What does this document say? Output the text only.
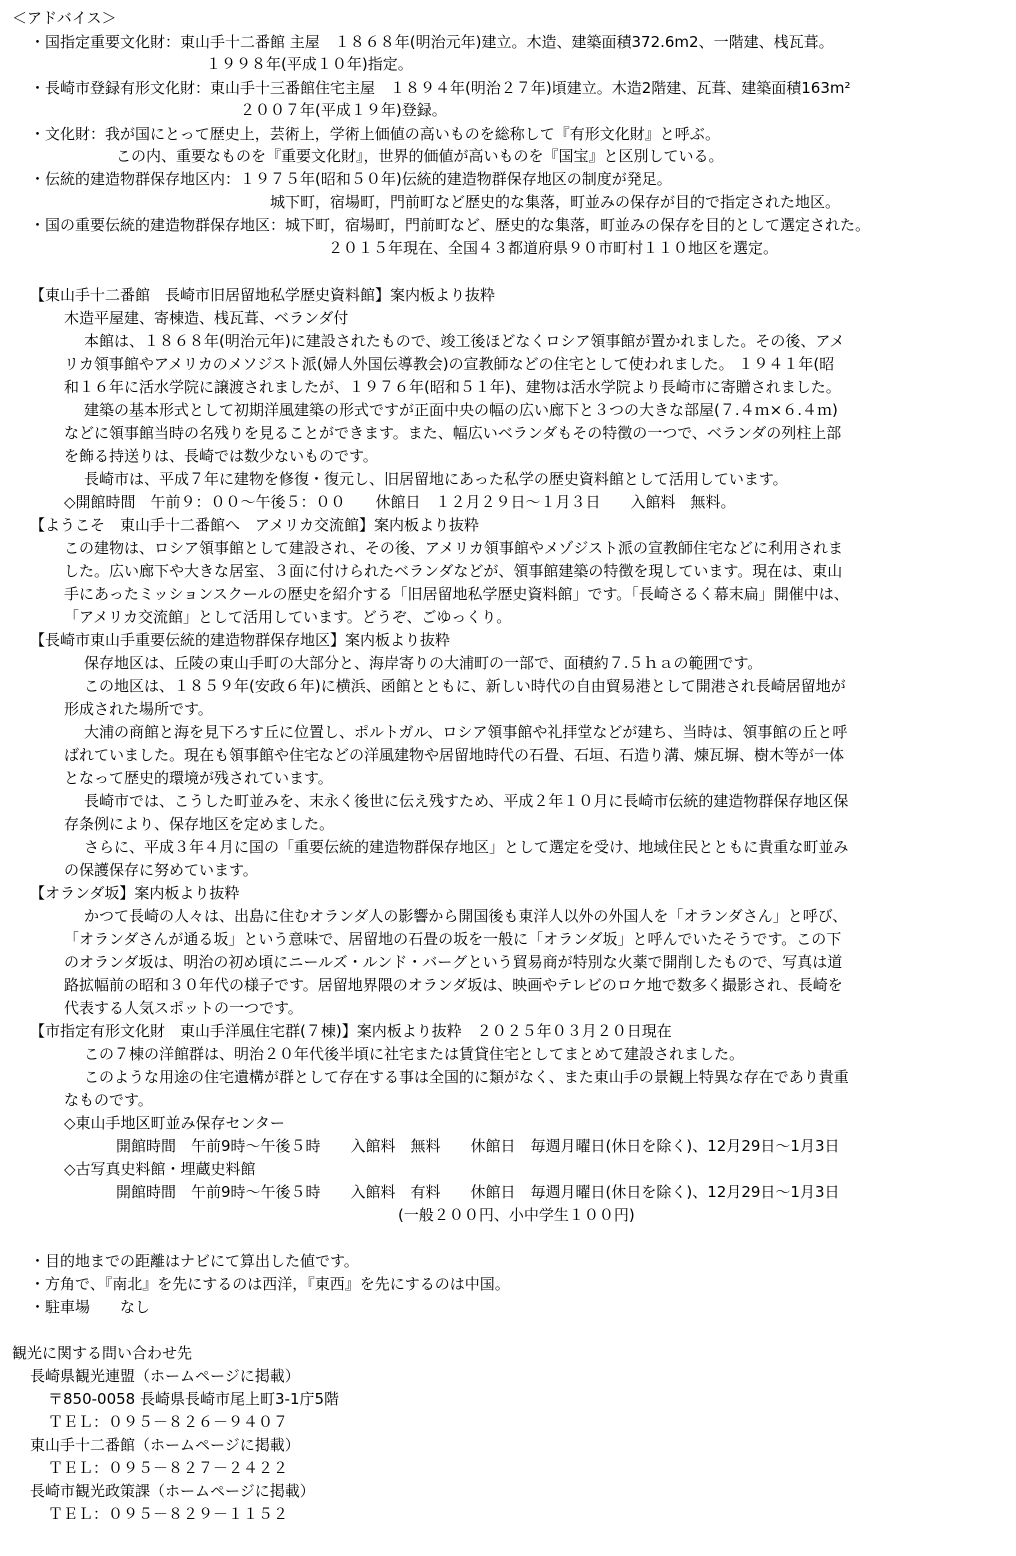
＜アドバイス＞
・国指定重要文化財：東山手十二番館 主屋　１８６８年(明治元年)建立。木造、建築面積372.6m2、一階建、桟瓦葺。
１９９８年(平成１０年)指定。
・長崎市登録有形文化財：東山手十三番館住宅主屋　１８９４年(明治２７年)頃建立。木造2階建、瓦葺、建築面積163m²
２００７年(平成１９年)登録。
・文化財：我が国にとって歴史上，芸術上，学術上価値の高いものを総称して『有形文化財』と呼ぶ。
この内、重要なものを『重要文化財』，世界的価値が高いものを『国宝』と区別している。
・伝統的建造物群保存地区内：１９７５年(昭和５０年)伝統的建造物群保存地区の制度が発足。
城下町，宿場町，門前町など歴史的な集落，町並みの保存が目的で指定された地区。
・国の重要伝統的建造物群保存地区：城下町，宿場町，門前町など、歴史的な集落，町並みの保存を目的として選定された。
２０１５年現在、全国４３都道府県９０市町村１１０地区を選定。
【東山手十二番館　長崎市旧居留地私学歴史資料館】案内板より抜粋
木造平屋建、寄棟造、桟瓦葺、ベランダ付
本館は、１８６８年(明治元年)に建設されたもので、竣工後ほどなくロシア領事館が置かれました。その後、アメ
リカ領事館やアメリカのメソジスト派(婦人外国伝導教会)の宣教師などの住宅として使われました。 １９４１年(昭
和１６年に活水学院に譲渡されましたが、１９７６年(昭和５１年)、建物は活水学院より長崎市に寄贈されました。
建築の基本形式として初期洋風建築の形式ですが正面中央の幅の広い廊下と３つの大きな部屋(７.４ｍ×６.４ｍ)
などに領事館当時の名残りを見ることができます。また、幅広いベランダもその特徴の一つで、ベランダの列柱上部
を飾る持送りは、長崎では数少ないものです。
長崎市は、平成７年に建物を修復・復元し、旧居留地にあった私学の歴史資料館として活用しています。
◇開館時間　午前９：００～午後５：００　　休館日　１２月２９日～１月３日　　入館料　無料。
【ようこそ　東山手十二番館へ　アメリカ交流館】案内板より抜粋
この建物は、ロシア領事館として建設され、その後、アメリカ領事館やメゾジスト派の宣教師住宅などに利用されま
した。広い廊下や大きな居室、３面に付けられたベランダなどが、領事館建築の特徴を現しています。現在は、東山
手にあったミッションスクールの歴史を紹介する「旧居留地私学歴史資料館」です。「長崎さるく幕末扁」開催中は、
「アメリカ交流館」として活用しています。どうぞ、ごゆっくり。
【長崎市東山手重要伝統的建造物群保存地区】案内板より抜粋
保存地区は、丘陵の東山手町の大部分と、海岸寄りの大浦町の一部で、面積約７.５ｈａの範囲です。
この地区は、１８５９年(安政６年)に横浜、函館とともに、新しい時代の自由貿易港として開港され長崎居留地が
形成された場所です。
大浦の商館と海を見下ろす丘に位置し、ポルトガル、ロシア領事館や礼拝堂などが建ち、当時は、領事館の丘と呼
ばれていました。現在も領事館や住宅などの洋風建物や居留地時代の石畳、石垣、石造り溝、煉瓦塀、樹木等が一体
となって歴史的環境が残されています。
長崎市では、こうした町並みを、末永く後世に伝え残すため、平成２年１０月に長崎市伝統的建造物群保存地区保
存条例により、保存地区を定めました。
さらに、平成３年４月に国の「重要伝統的建造物群保存地区」として選定を受け、地域住民とともに貴重な町並み
の保護保存に努めています。
【オランダ坂】案内板より抜粋
かつて長崎の人々は、出島に住むオランダ人の影響から開国後も東洋人以外の外国人を「オランダさん」と呼び、
「オランダさんが通る坂」という意味で、居留地の石畳の坂を一般に「オランダ坂」と呼んでいたそうです。この下
のオランダ坂は、明治の初め頃にニールズ・ルンド・バーグという貿易商が特別な火薬で開削したもので、写真は道
路拡幅前の昭和３０年代の様子です。居留地界隈のオランダ坂は、映画やテレビのロケ地で数多く撮影され、長崎を
代表する人気スポットの一つです。
【市指定有形文化財　東山手洋風住宅群(７棟)】案内板より抜粋　２０２５年０３月２０日現在
この７棟の洋館群は、明治２０年代後半頃に社宅または賃貸住宅としてまとめて建設されました。
このような用途の住宅遺構が群として存在する事は全国的に類がなく、また東山手の景観上特異な存在であり貴重
なものです。
◇東山手地区町並み保存センター
開館時間　午前9時～午後５時　　入館料　無料　　休館日　毎週月曜日(休日を除く)、12月29日～1月3日
◇古写真史料館・埋蔵史料館
開館時間　午前9時～午後５時　　入館料　有料　　休館日　毎週月曜日(休日を除く)、12月29日～1月3日
(一般２００円、小中学生１００円)
・目的地までの距離はナビにて算出した値です。
・方角で、『南北』を先にするのは西洋，『東西』を先にするのは中国。
・駐車場　　なし
観光に関する問い合わせ先
長崎県観光連盟（ホームページに掲載）
〒850-0058 長崎県長崎市尾上町3-1庁5階
ＴＥＬ：０９５－８２６－９４０７
東山手十二番館（ホームページに掲載）
ＴＥＬ：０９５－８２７－２４２２
長崎市観光政策課（ホームページに掲載）
ＴＥＬ：０９５－８２９－１１５２
